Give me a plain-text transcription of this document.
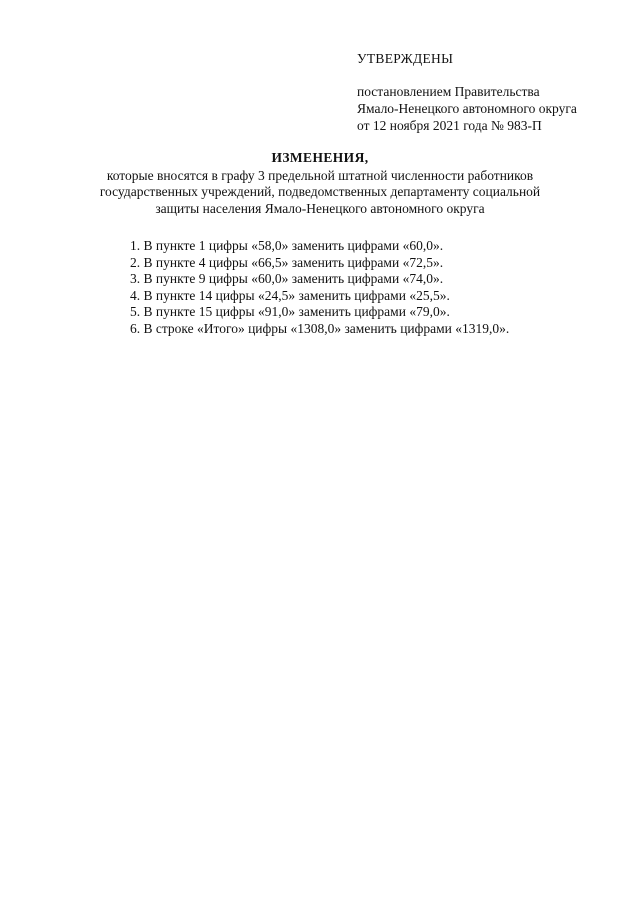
УТВЕРЖДЕНЫ
постановлением Правительства
Ямало-Ненецкого автономного округа
от 12 ноября 2021 года № 983-П
ИЗМЕНЕНИЯ,
которые вносятся в графу 3 предельной штатной численности работников
государственных учреждений, подведомственных департаменту социальной
защиты населения Ямало-Ненецкого автономного округа
1. В пункте 1 цифры «58,0» заменить цифрами «60,0».
2. В пункте 4 цифры «66,5» заменить цифрами «72,5».
3. В пункте 9 цифры «60,0» заменить цифрами «74,0».
4. В пункте 14 цифры «24,5» заменить цифрами «25,5».
5. В пункте 15 цифры «91,0» заменить цифрами «79,0».
6. В строке «Итого» цифры «1308,0» заменить цифрами «1319,0».
